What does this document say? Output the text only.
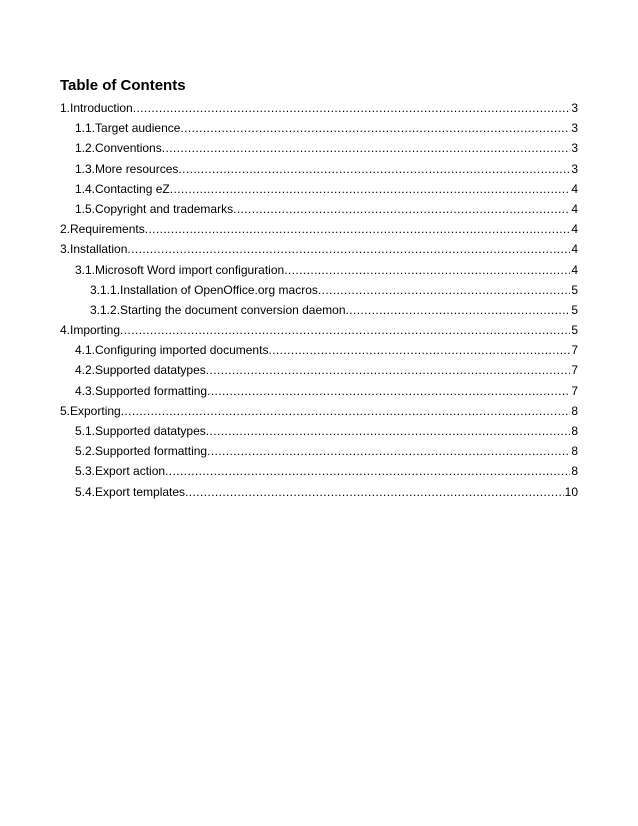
Table of Contents
1.Introduction .....	3
1.1.Target audience .....	3
1.2.Conventions .....	3
1.3.More resources .....	3
1.4.Contacting eZ .....	4
1.5.Copyright and trademarks .....	4
2.Requirements .....	4
3.Installation .....	4
3.1.Microsoft Word import configuration .....	4
3.1.1.Installation of OpenOffice.org macros .....	5
3.1.2.Starting the document conversion daemon .....	5
4.Importing .....	5
4.1.Configuring imported documents .....	7
4.2.Supported datatypes .....	7
4.3.Supported formatting .....	7
5.Exporting .....	8
5.1.Supported datatypes .....	8
5.2.Supported formatting .....	8
5.3.Export action .....	8
5.4.Export templates .....	10
